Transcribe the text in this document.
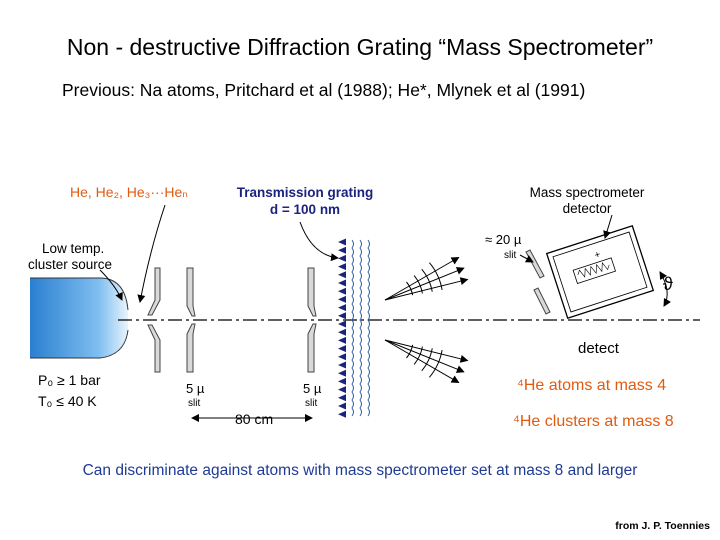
Non - destructive Diffraction Grating “Mass Spectrometer”
Previous: Na atoms, Pritchard et al (1988); He*, Mlynek et al (1991)
+
He, He₂, He₃···Heₙ	Transmission grating
d = 100 nm
Mass spectrometer
detector
≈ 20 µ
slit
Low temp.
cluster source
ϑ
detect
P₀ ≥ 1 bar
T₀ ≤ 40 K
5 µ
slit
5 µ
slit
80 cm
⁴He atoms at mass 4
⁴He clusters at mass 8
Can discriminate against atoms with mass spectrometer set at mass 8 and larger
from J. P. Toennies
